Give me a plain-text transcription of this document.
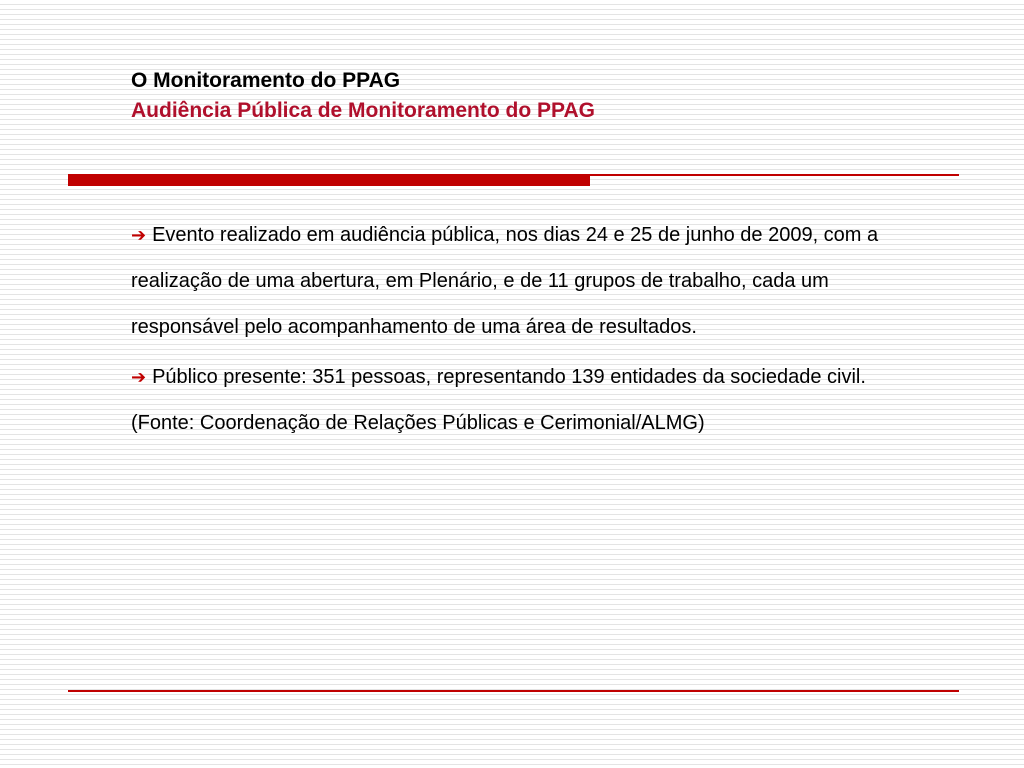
O Monitoramento do PPAG
Audiência Pública de Monitoramento do PPAG

➔ Evento realizado em audiência pública, nos dias 24 e 25 de junho de 2009, com a realização de uma abertura, em Plenário, e de 11 grupos de trabalho, cada um responsável pelo acompanhamento de uma área de resultados.

➔ Público presente: 351 pessoas, representando 139 entidades da sociedade civil. (Fonte: Coordenação de Relações Públicas e Cerimonial/ALMG)
